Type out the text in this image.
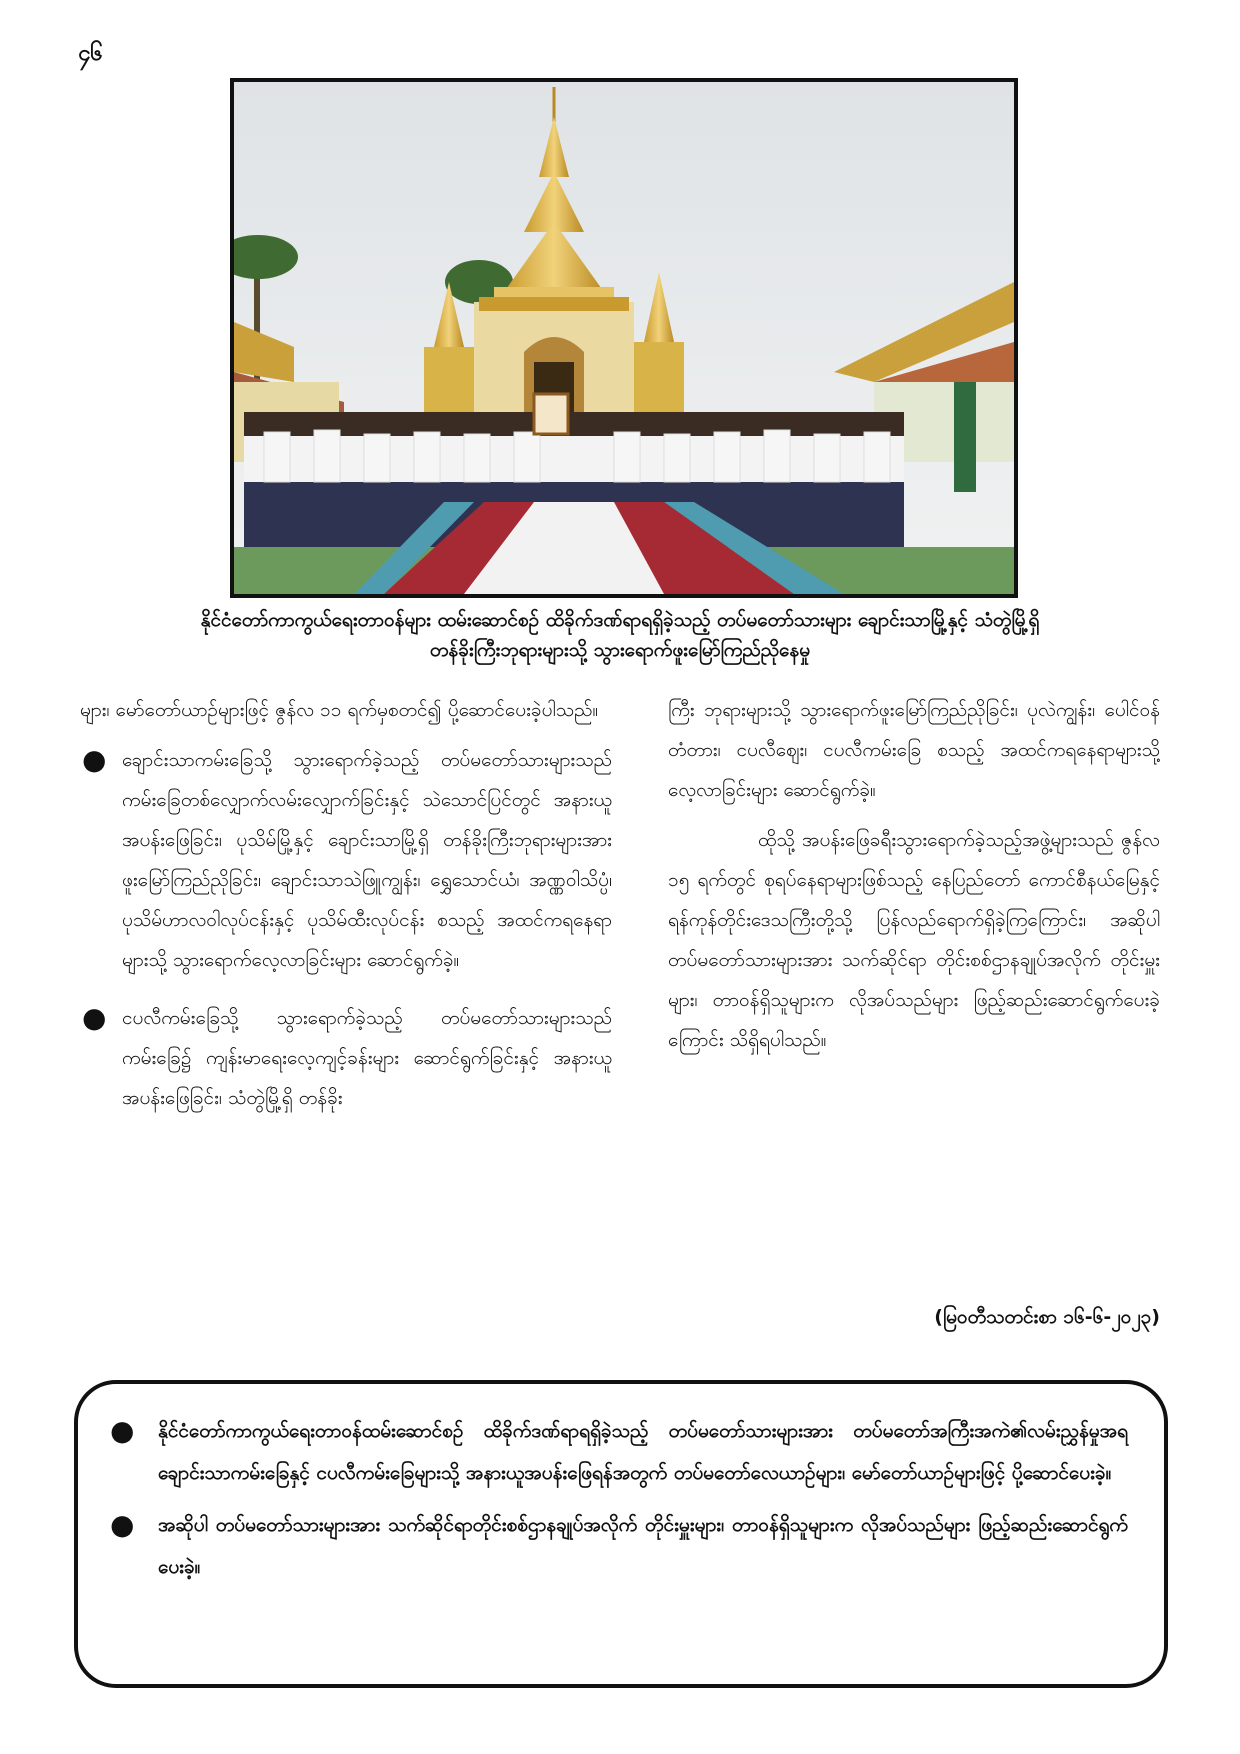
၄၆
နိုင်ငံတော်ကာကွယ်ရေးတာဝန်များ ထမ်းဆောင်စဉ် ထိခိုက်ဒဏ်ရာရရှိခဲ့သည့် တပ်မတော်သားများ ချောင်းသာမြို့နှင့် သံတွဲမြို့ရှိ
တန်ခိုးကြီးဘုရားများသို့ သွားရောက်ဖူးမြော်ကြည်ညိုနေမှု

များ၊ မော်တော်ယာဉ်များဖြင့် ဇွန်လ ၁၁ ရက်မှစတင်၍ ပို့ဆောင်ပေးခဲ့ပါသည်။

● ချောင်းသာကမ်းခြေသို့ သွားရောက်ခဲ့သည့် တပ်မတော်သားများသည် ကမ်းခြေတစ်လျှောက်လမ်းလျှောက်ခြင်းနှင့် သဲသောင်ပြင်တွင် အနားယူအပန်းဖြေခြင်း၊ ပုသိမ်မြို့နှင့် ချောင်းသာမြို့ရှိ တန်ခိုးကြီးဘုရားများအား ဖူးမြော်ကြည်ညိုခြင်း၊ ချောင်းသာသဲဖြူကျွန်း၊ ရွှေသောင်ယံ၊ အဏ္ဏဝါသိပ္ပံ၊ ပုသိမ်ဟာလဝါလုပ်ငန်းနှင့် ပုသိမ်ထီးလုပ်ငန်း စသည့် အထင်ကရနေရာများသို့ သွားရောက်လေ့လာခြင်းများ ဆောင်ရွက်ခဲ့။
● ငပလီကမ်းခြေသို့ သွားရောက်ခဲ့သည့် တပ်မတော်သားများသည် ကမ်းခြေ၌ ကျန်းမာရေးလေ့ကျင့်ခန်းများ ဆောင်ရွက်ခြင်းနှင့် အနားယူအပန်းဖြေခြင်း၊ သံတွဲမြို့ရှိ တန်ခိုး

ကြီး ဘုရားများသို့ သွားရောက်ဖူးမြော်ကြည်ညိုခြင်း၊ ပုလဲကျွန်း၊ ပေါင်ဝန် တံတား၊ ငပလီဈေး၊ ငပလီကမ်းခြေ စသည့် အထင်ကရနေရာများသို့ လေ့လာခြင်းများ ဆောင်ရွက်ခဲ့။

ထိုသို့ အပန်းဖြေခရီးသွားရောက်ခဲ့သည့်အဖွဲ့များသည် ဇွန်လ ၁၅ ရက်တွင် စုရပ်နေရာများဖြစ်သည့် နေပြည်တော် ကောင်စီနယ်မြေနှင့် ရန်ကုန်တိုင်းဒေသကြီးတို့သို့ ပြန်လည်ရောက်ရှိခဲ့ကြကြောင်း၊ အဆိုပါတပ်မတော်သားများအား သက်ဆိုင်ရာ တိုင်းစစ်ဌာနချုပ်အလိုက် တိုင်းမှူးများ၊ တာဝန်ရှိသူများက လိုအပ်သည်များ ဖြည့်ဆည်းဆောင်ရွက်ပေးခဲ့ကြောင်း သိရှိရပါသည်။

(မြဝတီသတင်းစာ ၁၆-၆-၂၀၂၃)
● နိုင်ငံတော်ကာကွယ်ရေးတာဝန်ထမ်းဆောင်စဉ် ထိခိုက်ဒဏ်ရာရရှိခဲ့သည့် တပ်မတော်သားများအား တပ်မတော်အကြီးအကဲ၏လမ်းညွှန်မှုအရ ချောင်းသာကမ်းခြေနှင့် ငပလီကမ်းခြေများသို့ အနားယူအပန်းဖြေရန်အတွက် တပ်မတော်လေယာဉ်များ၊ မော်တော်ယာဉ်များဖြင့် ပို့ဆောင်ပေးခဲ့။
● အဆိုပါ တပ်မတော်သားများအား သက်ဆိုင်ရာတိုင်းစစ်ဌာနချုပ်အလိုက် တိုင်းမှူးများ၊ တာဝန်ရှိသူများက လိုအပ်သည်များ ဖြည့်ဆည်းဆောင်ရွက်ပေးခဲ့။
